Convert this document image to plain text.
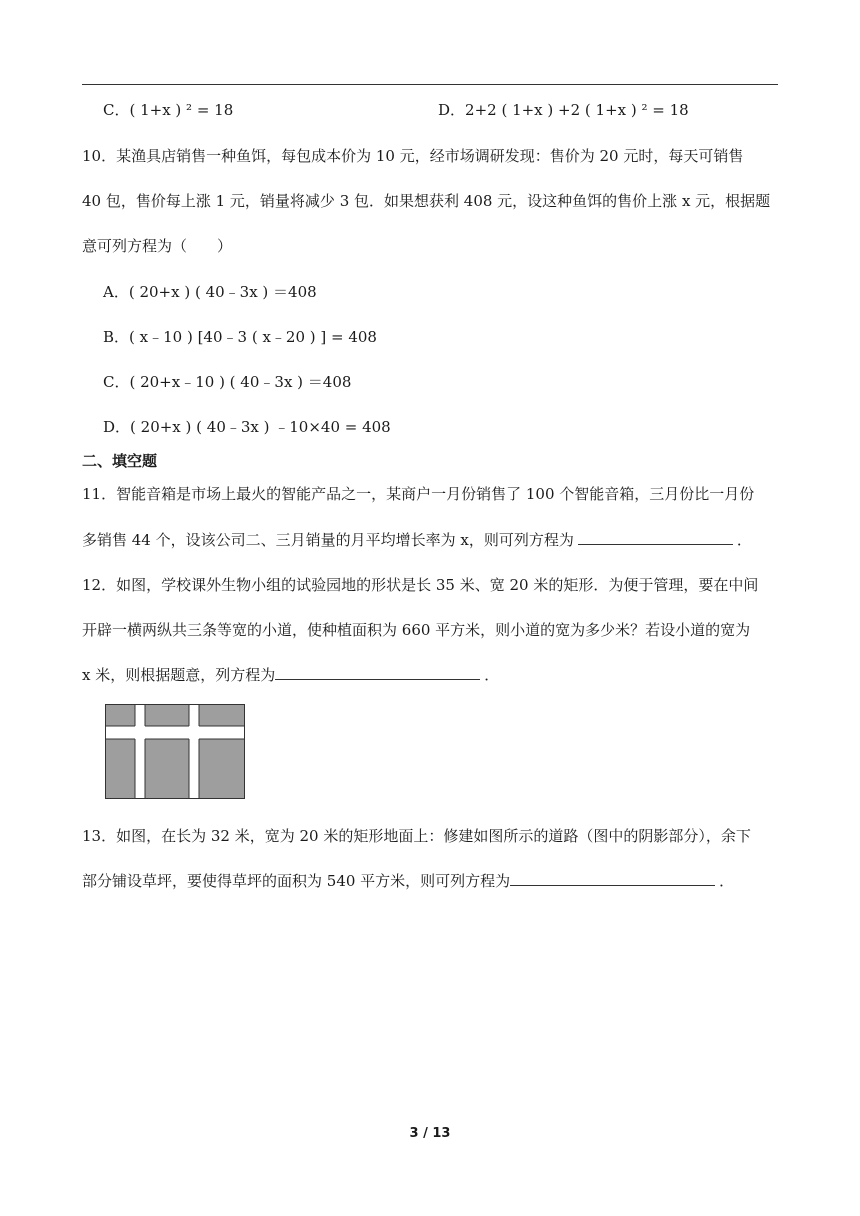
C．( 1+x ) ² = 18	D．2+2 ( 1+x ) +2 ( 1+x ) ² = 18
10．某渔具店销售一种鱼饵，每包成本价为 10 元，经市场调研发现：售价为 20 元时，每天可销售
40 包，售价每上涨 1 元，销量将减少 3 包．如果想获利 408 元，设这种鱼饵的售价上涨 x 元，根据题
意可列方程为（　　）
A．( 20+x ) ( 40﹣3x ) ＝408
B．( x﹣10 ) [40﹣3 ( x﹣20 ) ] = 408
C．( 20+x﹣10 ) ( 40﹣3x ) ＝408
D．( 20+x ) ( 40﹣3x ) ﹣10×40 = 408
二、填空题
11．智能音箱是市场上最火的智能产品之一，某商户一月份销售了 100 个智能音箱，三月份比一月份
多销售 44 个，设该公司二、三月销量的月平均增长率为 x，则可列方程为	．
12．如图，学校课外生物小组的试验园地的形状是长 35 米、宽 20 米的矩形．为便于管理，要在中间
开辟一横两纵共三条等宽的小道，使种植面积为 660 平方米，则小道的宽为多少米？若设小道的宽为
x 米，则根据题意，列方程为	．
13．如图，在长为 32 米，宽为 20 米的矩形地面上：修建如图所示的道路（图中的阴影部分），余下
部分铺设草坪，要使得草坪的面积为 540 平方米，则可列方程为	．
3 / 13
